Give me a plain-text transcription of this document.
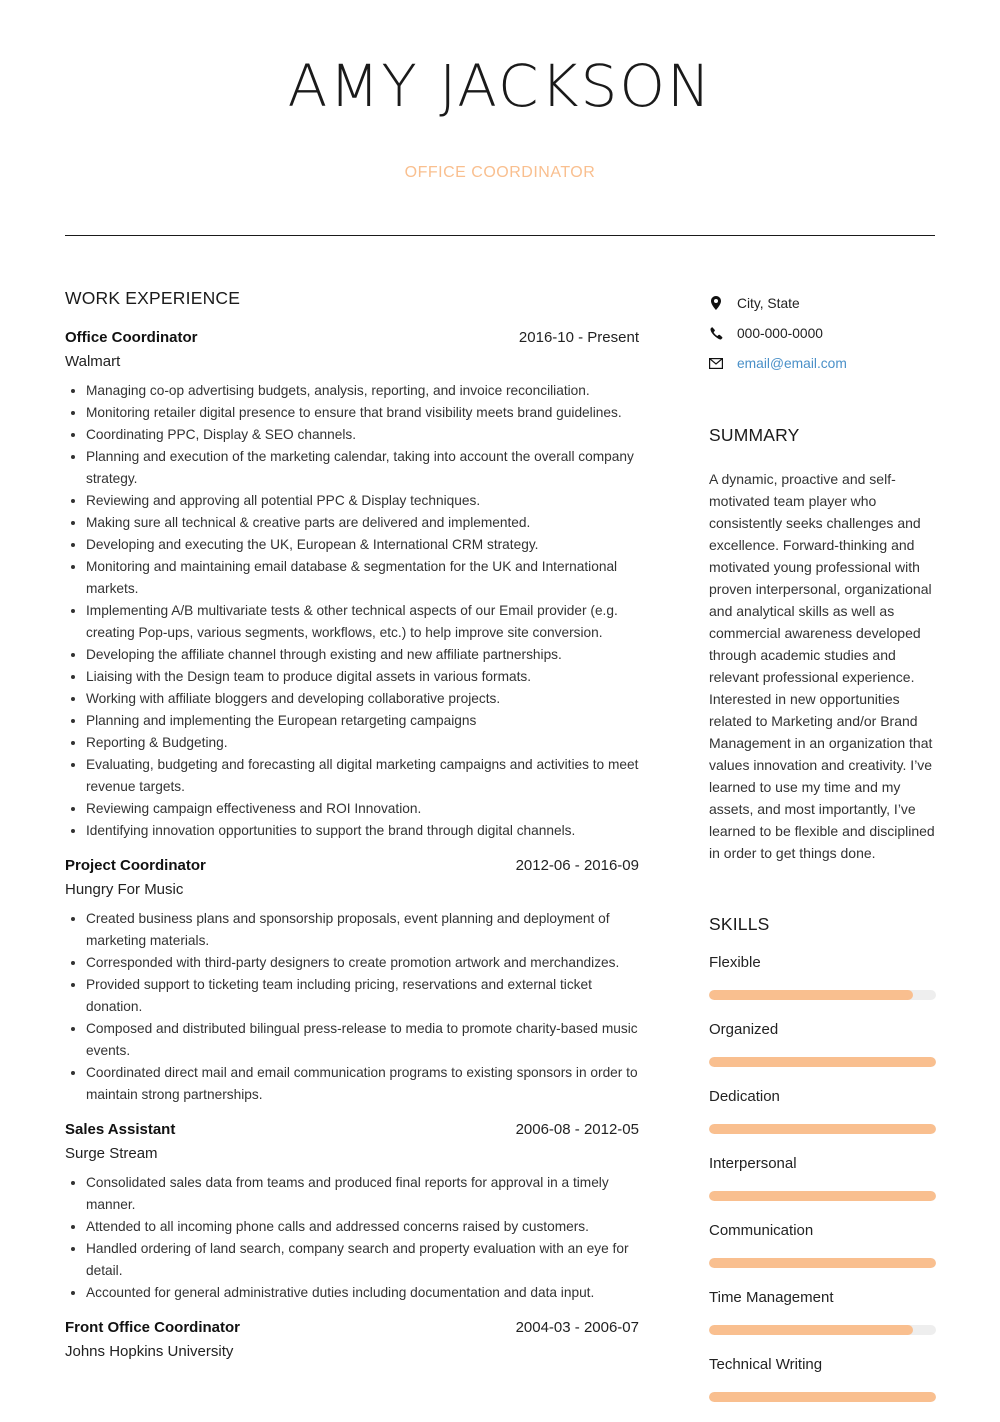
AMY JACKSON
OFFICE COORDINATOR
WORK EXPERIENCE
Office Coordinator	2016-10 - Present
Walmart
• Managing co-op advertising budgets, analysis, reporting, and invoice reconciliation.
• Monitoring retailer digital presence to ensure that brand visibility meets brand guidelines.
• Coordinating PPC, Display & SEO channels.
• Planning and execution of the marketing calendar, taking into account the overall company strategy.
• Reviewing and approving all potential PPC & Display techniques.
• Making sure all technical & creative parts are delivered and implemented.
• Developing and executing the UK, European & International CRM strategy.
• Monitoring and maintaining email database & segmentation for the UK and International markets.
• Implementing A/B multivariate tests & other technical aspects of our Email provider (e.g. creating Pop-ups, various segments, workflows, etc.) to help improve site conversion.
• Developing the affiliate channel through existing and new affiliate partnerships.
• Liaising with the Design team to produce digital assets in various formats.
• Working with affiliate bloggers and developing collaborative projects.
• Planning and implementing the European retargeting campaigns
• Reporting & Budgeting.
• Evaluating, budgeting and forecasting all digital marketing campaigns and activities to meet revenue targets.
• Reviewing campaign effectiveness and ROI Innovation.
• Identifying innovation opportunities to support the brand through digital channels.
Project Coordinator	2012-06 - 2016-09
Hungry For Music
• Created business plans and sponsorship proposals, event planning and deployment of marketing materials.
• Corresponded with third-party designers to create promotion artwork and merchandizes.
• Provided support to ticketing team including pricing, reservations and external ticket donation.
• Composed and distributed bilingual press-release to media to promote charity-based music events.
• Coordinated direct mail and email communication programs to existing sponsors in order to maintain strong partnerships.
Sales Assistant	2006-08 - 2012-05
Surge Stream
• Consolidated sales data from teams and produced final reports for approval in a timely manner.
• Attended to all incoming phone calls and addressed concerns raised by customers.
• Handled ordering of land search, company search and property evaluation with an eye for detail.
• Accounted for general administrative duties including documentation and data input.
Front Office Coordinator	2004-03 - 2006-07
Johns Hopkins University
City, State
000-000-0000
email@email.com
SUMMARY
A dynamic, proactive and self-motivated team player who consistently seeks challenges and excellence. Forward-thinking and motivated young professional with proven interpersonal, organizational and analytical skills as well as commercial awareness developed through academic studies and relevant professional experience. Interested in new opportunities related to Marketing and/or Brand Management in an organization that values innovation and creativity. I’ve learned to use my time and my assets, and most importantly, I’ve learned to be flexible and disciplined in order to get things done.
SKILLS
Flexible
Organized
Dedication
Interpersonal
Communication
Time Management
Technical Writing
